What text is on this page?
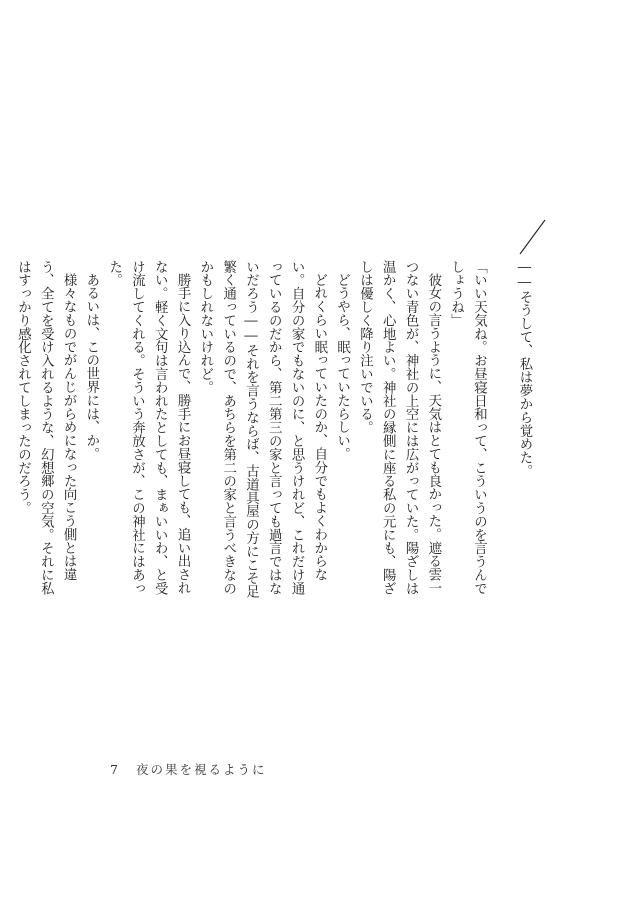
――そうして、私は夢から覚めた。

「いい天気ね。お昼寝日和って、こういうのを言うんでしょうね」

彼女の言うように、天気はとても良かった。遮る雲一つない青色が、神社の上空には広がっていた。陽ざしは温かく、心地よい。神社の縁側に座る私の元にも、陽ざしは優しく降り注いでいる。

どうやら、眠っていたらしい。

どれくらい眠っていたのか、自分でもよくわからない。自分の家でもないのに、と思うけれど、これだけ通っているのだから、第二第三の家と言っても過言ではないだろう――それを言うならば、古道具屋の方にこそ足繁く通っているので、あちらを第二の家と言うべきなのかもしれないけれど。

勝手に入り込んで、勝手にお昼寝しても、追い出されない。軽く文句は言われたとしても、まぁいいわ、と受け流してくれる。そういう奔放さが、この神社にはあった。

あるいは、この世界には、か。

様々なものでがんじがらめになった向こう側とは違う、全てを受け入れるような、幻想郷の空気。それに私はすっかり感化されてしまったのだろう。

7	夜の果を視るように
